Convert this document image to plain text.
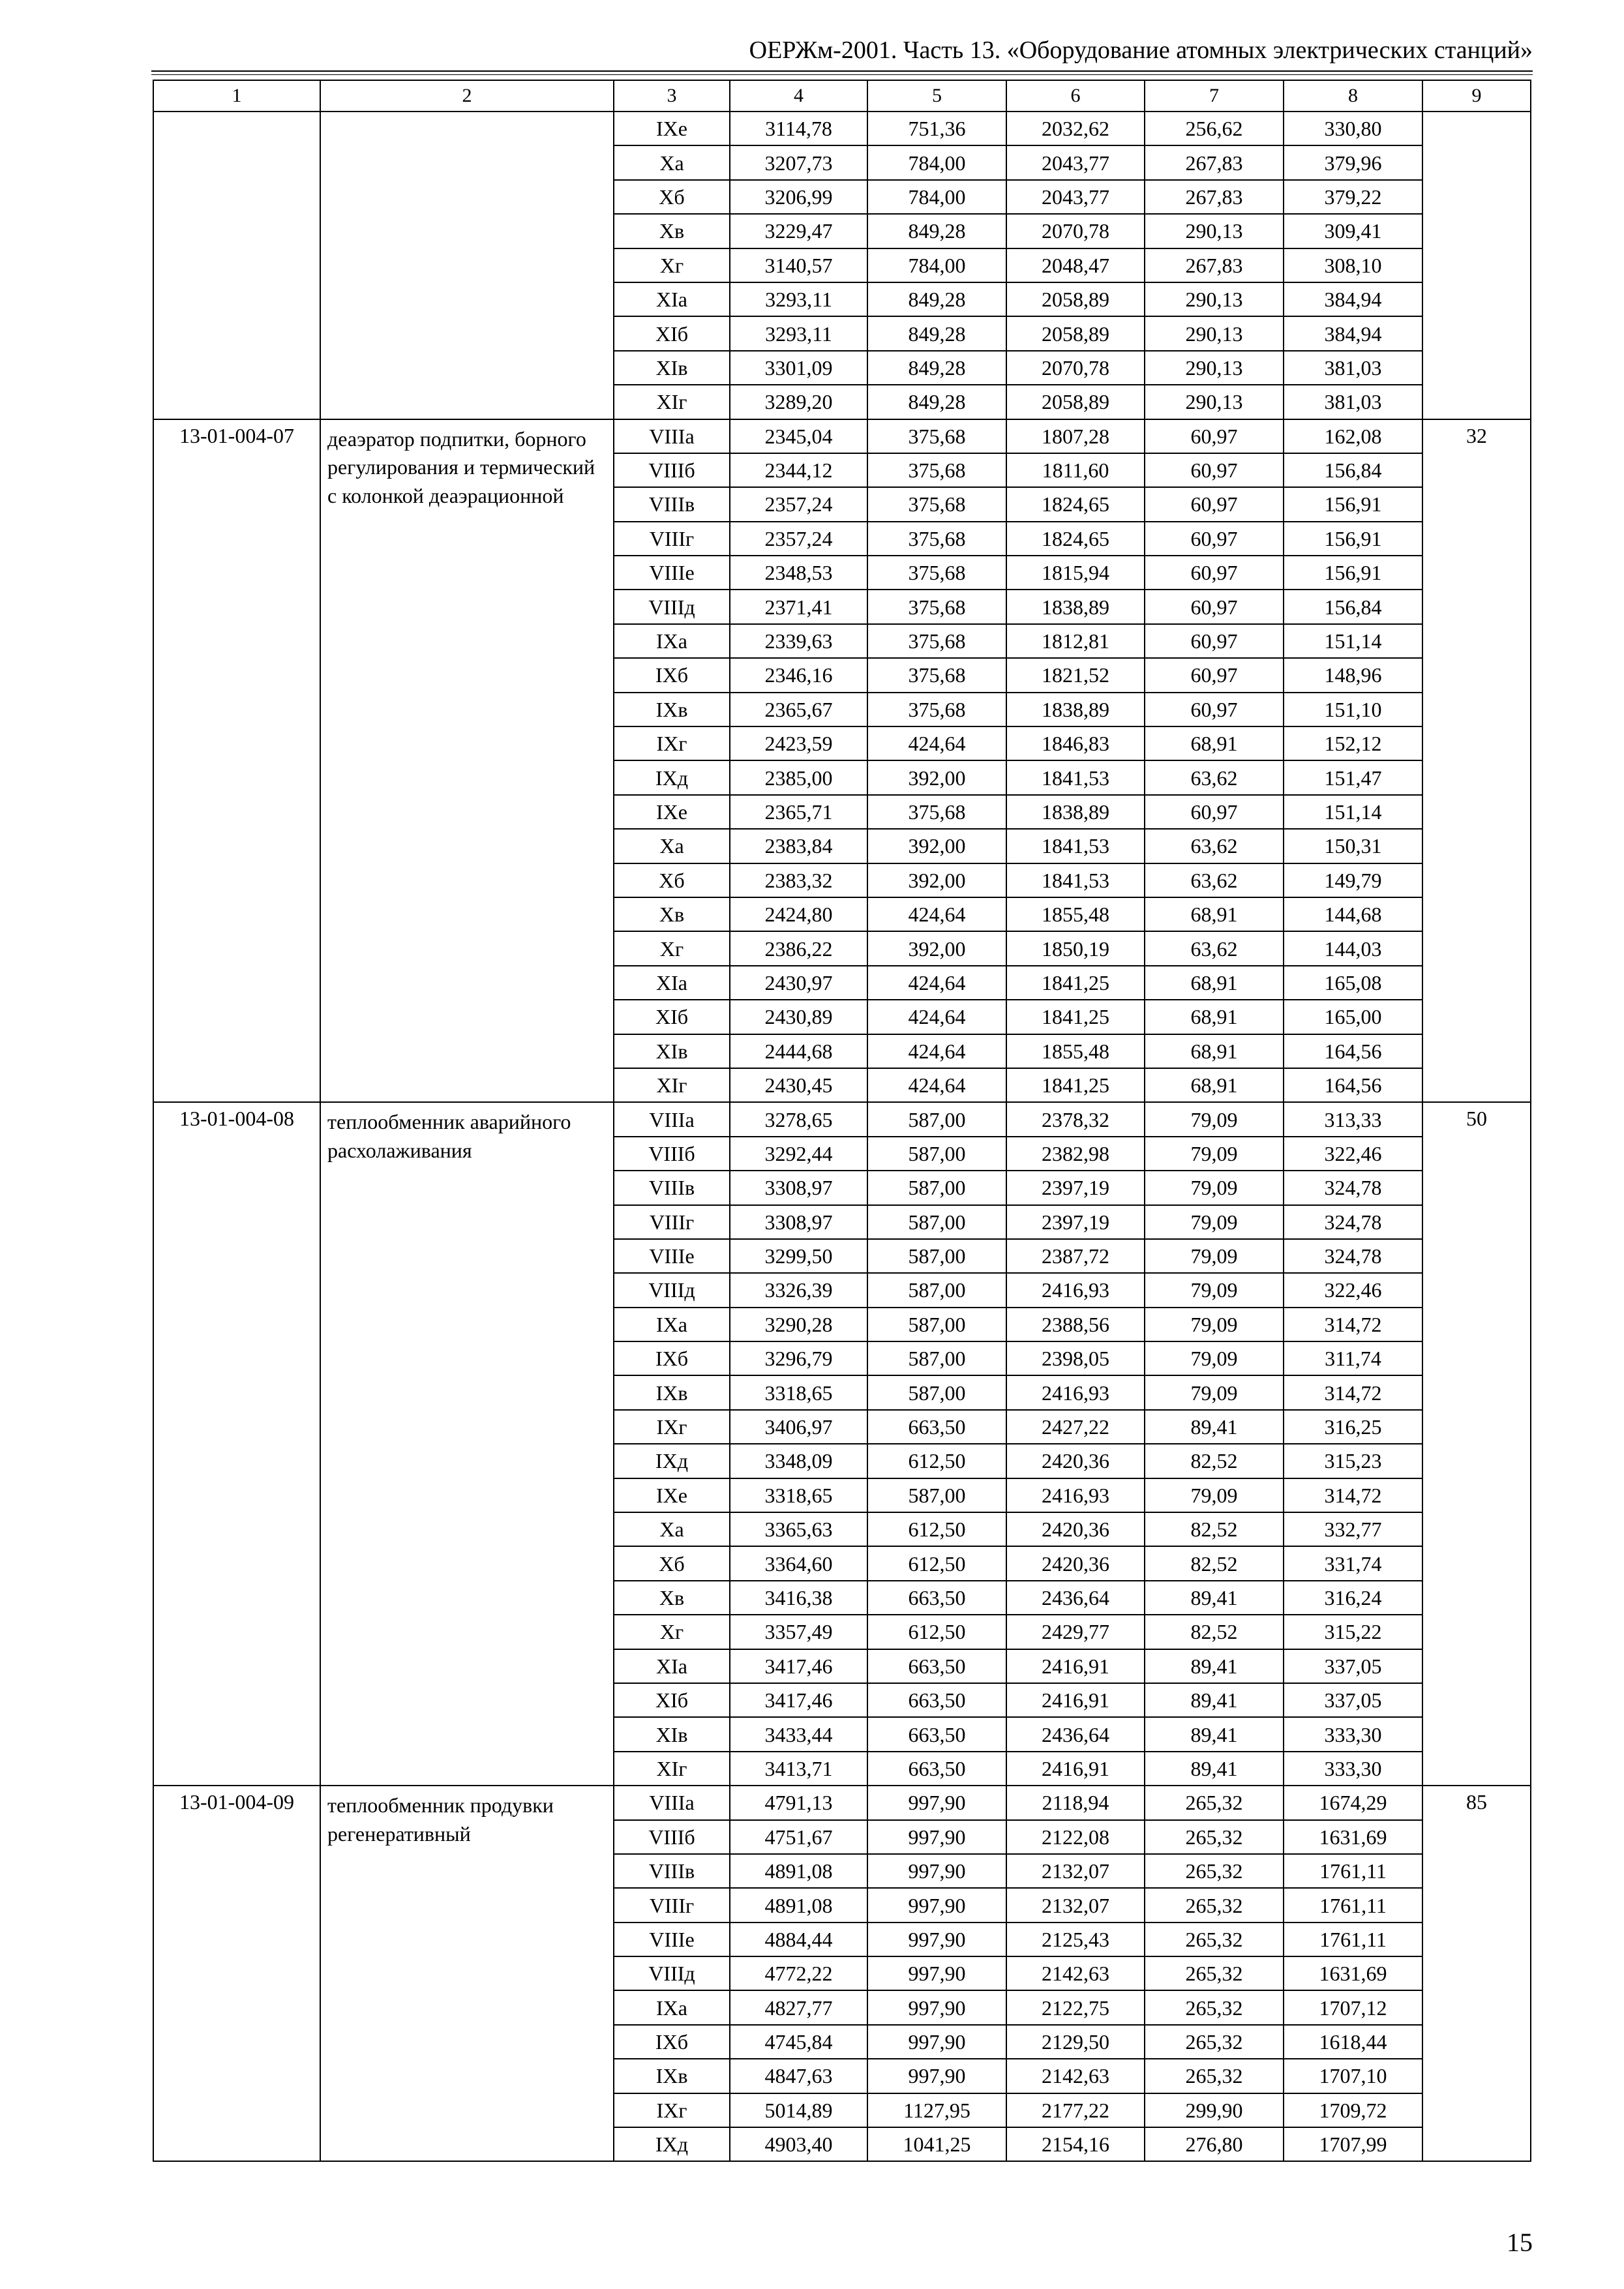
ОЕРЖм-2001. Часть 13. «Оборудование атомных электрических станций»
1	2	3	4	5	6	7	8	9
		IXе	3114,78	751,36	2032,62	256,62	330,80	
		Xа	3207,73	784,00	2043,77	267,83	379,96	
		Xб	3206,99	784,00	2043,77	267,83	379,22	
		Xв	3229,47	849,28	2070,78	290,13	309,41	
		Xг	3140,57	784,00	2048,47	267,83	308,10	
		XIа	3293,11	849,28	2058,89	290,13	384,94	
		XIб	3293,11	849,28	2058,89	290,13	384,94	
		XIв	3301,09	849,28	2070,78	290,13	381,03	
		XIг	3289,20	849,28	2058,89	290,13	381,03	
13-01-004-07	деаэратор подпитки, борного регулирования и термический с колонкой деаэрационной	VIIIа	2345,04	375,68	1807,28	60,97	162,08	32
		VIIIб	2344,12	375,68	1811,60	60,97	156,84	
		VIIIв	2357,24	375,68	1824,65	60,97	156,91	
		VIIIг	2357,24	375,68	1824,65	60,97	156,91	
		VIIIе	2348,53	375,68	1815,94	60,97	156,91	
		VIIIд	2371,41	375,68	1838,89	60,97	156,84	
		IXа	2339,63	375,68	1812,81	60,97	151,14	
		IXб	2346,16	375,68	1821,52	60,97	148,96	
		IXв	2365,67	375,68	1838,89	60,97	151,10	
		IXг	2423,59	424,64	1846,83	68,91	152,12	
		IXд	2385,00	392,00	1841,53	63,62	151,47	
		IXе	2365,71	375,68	1838,89	60,97	151,14	
		Xа	2383,84	392,00	1841,53	63,62	150,31	
		Xб	2383,32	392,00	1841,53	63,62	149,79	
		Xв	2424,80	424,64	1855,48	68,91	144,68	
		Xг	2386,22	392,00	1850,19	63,62	144,03	
		XIа	2430,97	424,64	1841,25	68,91	165,08	
		XIб	2430,89	424,64	1841,25	68,91	165,00	
		XIв	2444,68	424,64	1855,48	68,91	164,56	
		XIг	2430,45	424,64	1841,25	68,91	164,56	
13-01-004-08	теплообменник аварийного расхолаживания	VIIIа	3278,65	587,00	2378,32	79,09	313,33	50
		VIIIб	3292,44	587,00	2382,98	79,09	322,46	
		VIIIв	3308,97	587,00	2397,19	79,09	324,78	
		VIIIг	3308,97	587,00	2397,19	79,09	324,78	
		VIIIе	3299,50	587,00	2387,72	79,09	324,78	
		VIIIд	3326,39	587,00	2416,93	79,09	322,46	
		IXа	3290,28	587,00	2388,56	79,09	314,72	
		IXб	3296,79	587,00	2398,05	79,09	311,74	
		IXв	3318,65	587,00	2416,93	79,09	314,72	
		IXг	3406,97	663,50	2427,22	89,41	316,25	
		IXд	3348,09	612,50	2420,36	82,52	315,23	
		IXе	3318,65	587,00	2416,93	79,09	314,72	
		Xа	3365,63	612,50	2420,36	82,52	332,77	
		Xб	3364,60	612,50	2420,36	82,52	331,74	
		Xв	3416,38	663,50	2436,64	89,41	316,24	
		Xг	3357,49	612,50	2429,77	82,52	315,22	
		XIа	3417,46	663,50	2416,91	89,41	337,05	
		XIб	3417,46	663,50	2416,91	89,41	337,05	
		XIв	3433,44	663,50	2436,64	89,41	333,30	
		XIг	3413,71	663,50	2416,91	89,41	333,30	
13-01-004-09	теплообменник продувки регенеративный	VIIIа	4791,13	997,90	2118,94	265,32	1674,29	85
		VIIIб	4751,67	997,90	2122,08	265,32	1631,69	
		VIIIв	4891,08	997,90	2132,07	265,32	1761,11	
		VIIIг	4891,08	997,90	2132,07	265,32	1761,11	
		VIIIе	4884,44	997,90	2125,43	265,32	1761,11	
		VIIIд	4772,22	997,90	2142,63	265,32	1631,69	
		IXа	4827,77	997,90	2122,75	265,32	1707,12	
		IXб	4745,84	997,90	2129,50	265,32	1618,44	
		IXв	4847,63	997,90	2142,63	265,32	1707,10	
		IXг	5014,89	1127,95	2177,22	299,90	1709,72	
		IXд	4903,40	1041,25	2154,16	276,80	1707,99	
15
